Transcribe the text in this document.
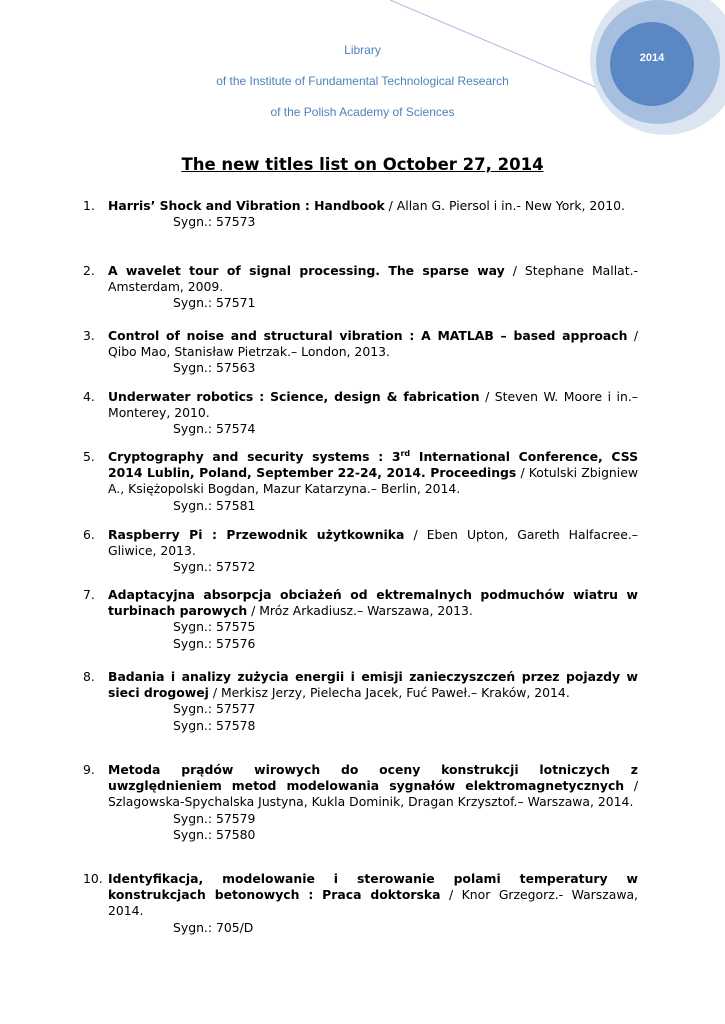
2014
Library
of the Institute of Fundamental Technological Research
of the Polish Academy of Sciences
The new titles list on October 27, 2014
1. Harris’ Shock and Vibration : Handbook / Allan G. Piersol i in.- New York, 2010.
Sygn.: 57573
2. A wavelet tour of signal processing. The sparse way / Stephane Mallat.- Amsterdam, 2009.
Sygn.: 57571
3. Control of noise and structural vibration : A MATLAB – based approach / Qibo Mao, Stanisław Pietrzak.– London, 2013.
Sygn.: 57563
4. Underwater robotics : Science, design & fabrication / Steven W. Moore i in.– Monterey, 2010.
Sygn.: 57574
5. Cryptography and security systems : 3rd International Conference, CSS 2014 Lublin, Poland, September 22-24, 2014. Proceedings / Kotulski Zbigniew A., Księżopolski Bogdan, Mazur Katarzyna.– Berlin, 2014.
Sygn.: 57581
6. Raspberry Pi : Przewodnik użytkownika / Eben Upton, Gareth Halfacree.– Gliwice, 2013.
Sygn.: 57572
7. Adaptacyjna absorpcja obciażeń od ektremalnych podmuchów wiatru w turbinach parowych / Mróz Arkadiusz.– Warszawa, 2013.
Sygn.: 57575
Sygn.: 57576
8. Badania i analizy zużycia energii i emisji zanieczyszczeń przez pojazdy w sieci drogowej / Merkisz Jerzy, Pielecha Jacek, Fuć Paweł.– Kraków, 2014.
Sygn.: 57577
Sygn.: 57578
9. Metoda prądów wirowych do oceny konstrukcji lotniczych z uwzględnieniem metod modelowania sygnałów elektromagnetycznych / Szlagowska-Spychalska Justyna, Kukla Dominik, Dragan Krzysztof.– Warszawa, 2014.
Sygn.: 57579
Sygn.: 57580
10. Identyfikacja, modelowanie i sterowanie polami temperatury w konstrukcjach betonowych : Praca doktorska / Knor Grzegorz.- Warszawa, 2014.
Sygn.: 705/D
